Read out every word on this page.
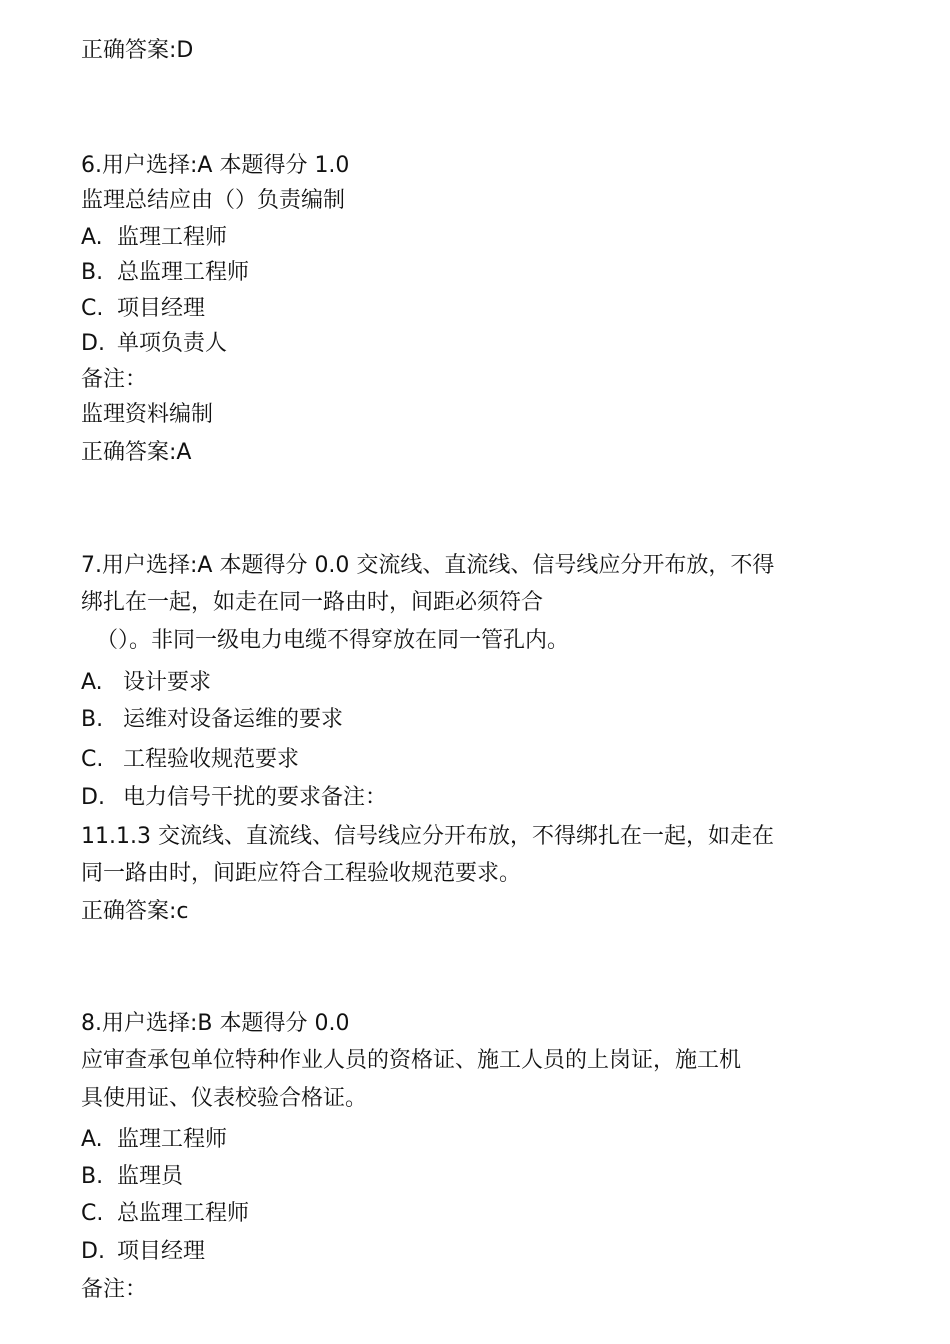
正确答案:D
6.用户选择:A 本题得分 1.0
监理总结应由（）负责编制
A. 监理工程师
B. 总监理工程师
C. 项目经理
D. 单项负责人
备注：
监理资料编制
正确答案:A
7.用户选择:A 本题得分 0.0 交流线、直流线、信号线应分开布放，不得
绑扎在一起，如走在同一路由时，间距必须符合
（）。非同一级电力电缆不得穿放在同一管孔内。
A. 设计要求
B. 运维对设备运维的要求
C. 工程验收规范要求
D. 电力信号干扰的要求备注：
11.1.3 交流线、直流线、信号线应分开布放，不得绑扎在一起，如走在
同一路由时，间距应符合工程验收规范要求。
正确答案:c
8.用户选择:B 本题得分 0.0
应审查承包单位特种作业人员的资格证、施工人员的上岗证，施工机
具使用证、仪表校验合格证。
A. 监理工程师
B. 监理员
C. 总监理工程师
D. 项目经理
备注：
